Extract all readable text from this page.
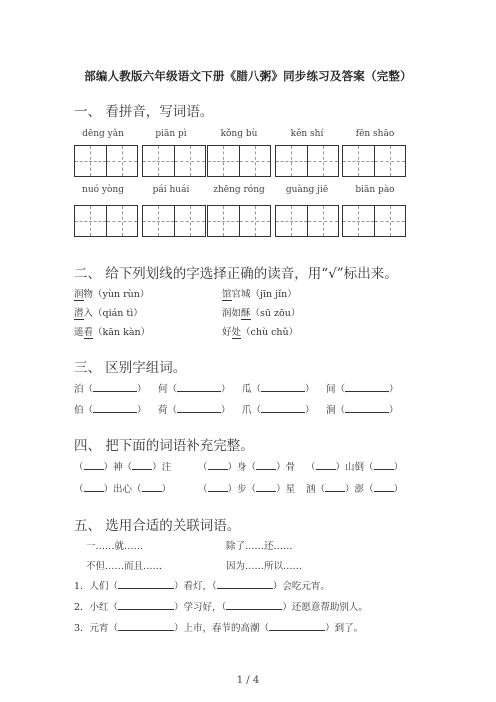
部编人教版六年级语文下册《腊八粥》同步练习及答案（完整）
一、 看拼音，写词语。
dēng yǎn	piān pì	kǒng bù	kěn shí	fēn shāo
nuó yòng	pái huái	zhēng róng	guàng jiē	biān pào
二、 给下列划线的字选择正确的读音，用“√”标出来。
润物（yùn rùn）	馆官城（jīn jǐn）
潜入（qián tì）	润如酥（sū zōu）
遥看（kān kàn）	好处（chù chǔ）
三、 区别字组词。
泊（	） 何（	） 瓜（	） 间（	）
伯（	） 荷（	） 爪（	） 涧（	）
四、 把下面的词语补充完整。
（ ）神（ ）注	（ ）身（ ）骨 （ ）山倒（ ）
（ ）出心（ ）	（ ）步（ ）星 汹（ ）澎（ ）
五、 选用合适的关联词语。
一……就……	除了……还……
不但……而且……	因为……所以……
1．人们（	）看灯，（	）会吃元宵。
2．小红（	）学习好，（	）还愿意帮助别人。
3．元宵（	）上市，春节的高潮（	）到了。
1 / 4
